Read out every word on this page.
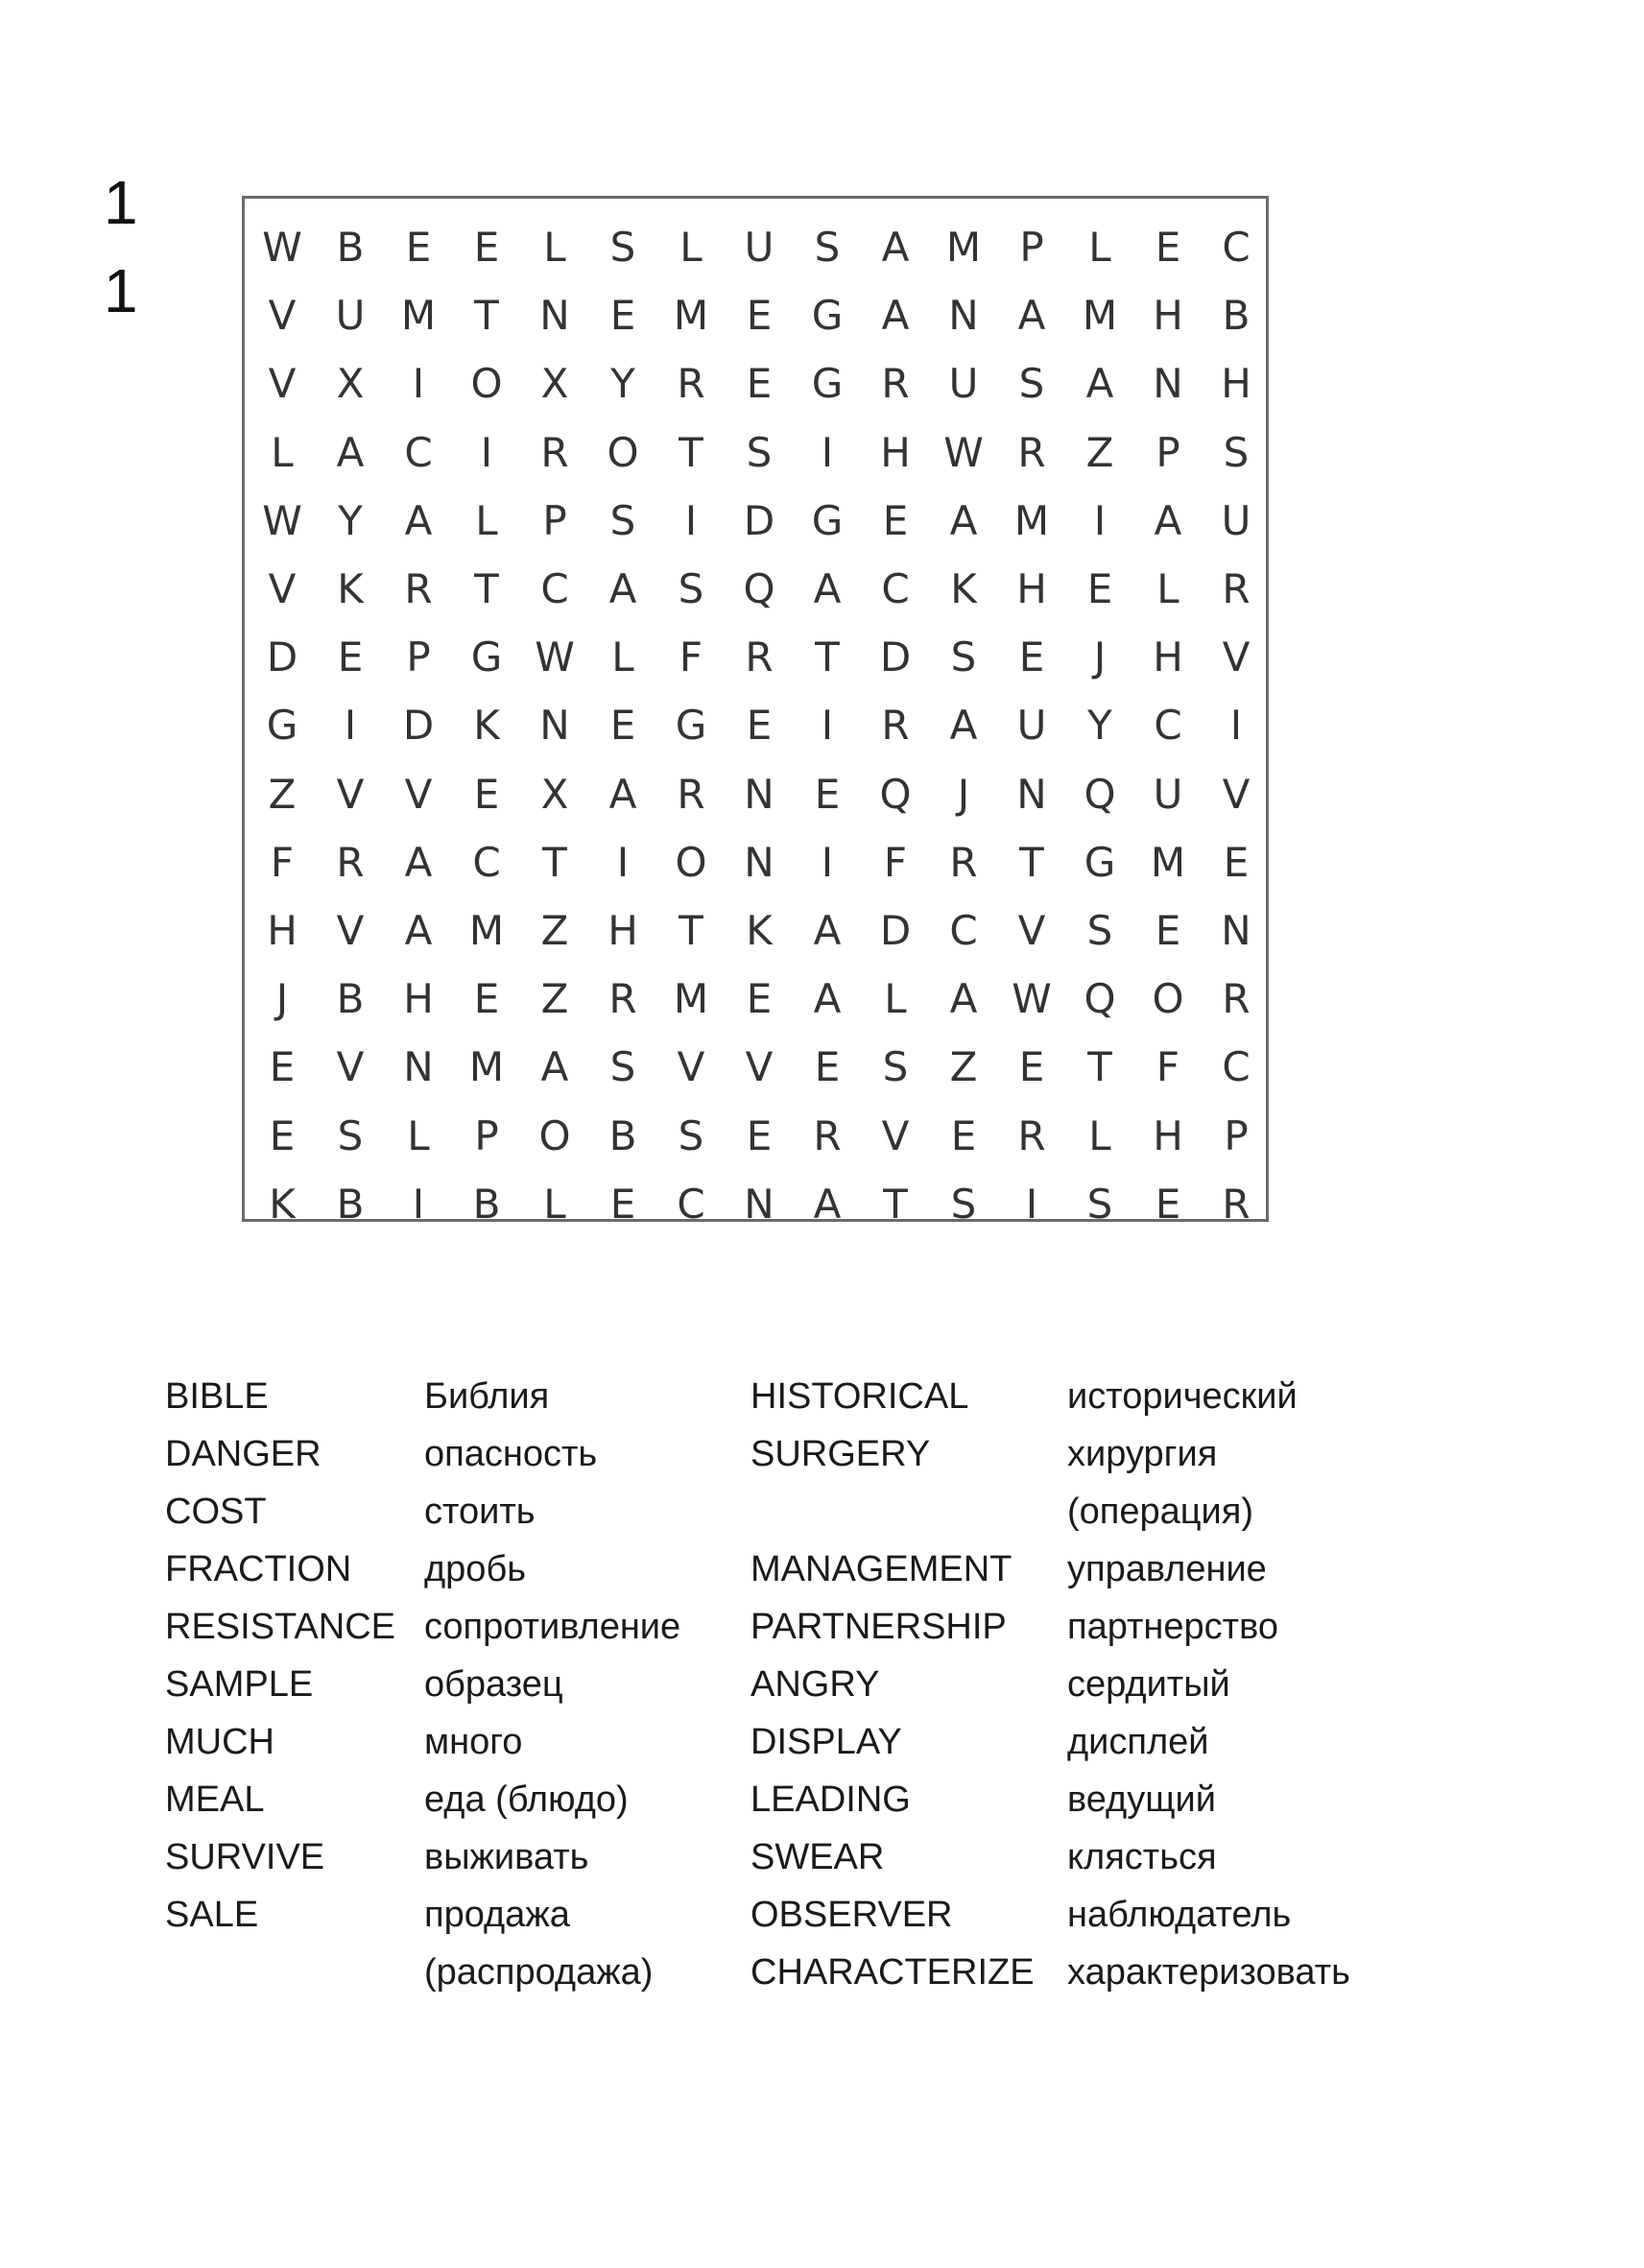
1
1
W B	E	E	L	S	L	U	S	A M P	L	E	C
V U M T	N	E M E G A N A M H B
V	X	I	O X	Y	R	E G R U	S	A N H
L	A C	I	R O T	S	I	H W R	Z	P	S
W Y	A	L	P	S	I	D G E	A M	I	A U
V	K	R	T	C A	S Q A C	K H E	L	R
D E	P	G W L	F	R	T	D S	E	J	H V
G	I	D K N	E G E	I	R	A U	Y	C	I
Z	V	V	E	X	A	R N	E Q	J	N Q U V
F	R	A C	T	I	O N	I	F	R	T G M E
H V	A M Z H	T	K	A D C V	S	E	N
J	B H E	Z	R M E	A	L	A W Q O R
E	V N M A	S	V	V	E	S	Z	E	T	F	C
E	S	L	P O B	S	E	R	V	E	R	L	H	P
K	B	I	B	L	E	C N A	T	S	I	S	E	R
BIBLE	Библия
DANGER	опасность
COST	стоить
FRACTION дробь
RESISTANCE сопротивление
SAMPLE	образец
MUCH	много
MEAL	еда (блюдо)
SURVIVE	выживать
SALE	продажа
(распродажа)
HISTORICAL	исторический
SURGERY	хирургия
(операция)
MANAGEMENT управление
PARTNERSHIP партнерство
ANGRY	сердитый
DISPLAY	дисплей
LEADING	ведущий
SWEAR	клясться
OBSERVER	наблюдатель
CHARACTERIZE характеризовать
